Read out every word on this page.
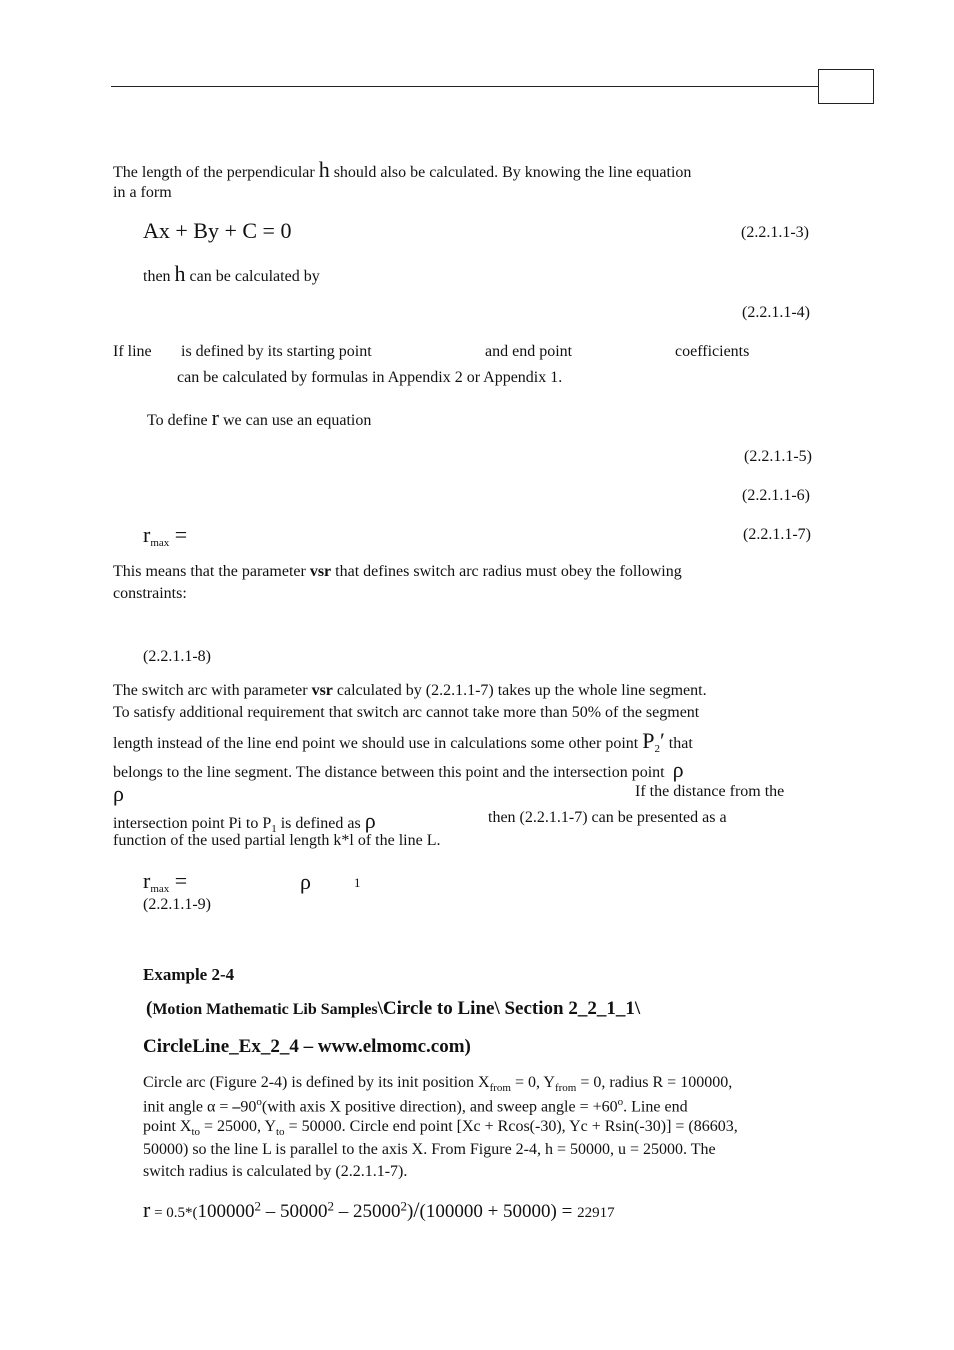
The length of the perpendicular h should also be calculated. By knowing the line equation
in a form
Ax + By + C = 0	(2.2.1.1-3)
then h can be calculated by
(2.2.1.1-4)
If line is defined by its starting point	and end point	coefficients
can be calculated by formulas in Appendix 2 or Appendix 1.
To define r we can use an equation
(2.2.1.1-5)
(2.2.1.1-6)
$r_{max}$ =	(2.2.1.1-7)
This means that the parameter vsr that defines switch arc radius must obey the following
constraints:
(2.2.1.1-8)
The switch arc with parameter vsr calculated by (2.2.1.1-7) takes up the whole line segment.
To satisfy additional requirement that switch arc cannot take more than 50% of the segment
length instead of the line end point we should use in calculations some other point $P_2'$ that
belongs to the line segment. The distance between this point and the intersection point ρ
ρ	If the distance from the
intersection point Pi to $P_1$ is defined as ρ	then (2.2.1.1-7) can be presented as a
function of the used partial length k*l of the line L.
$r_{max}$ =	ρ	1
(2.2.1.1-9)
Example 2-4
(Motion Mathematic Lib Samples\Circle to Line\ Section 2_2_1_1\
CircleLine_Ex_2_4 – www.elmomc.com)
Circle arc (Figure 2-4) is defined by its init position $X_{from} = 0$, $Y_{from} = 0$, radius R = 100000,
init angle $\alpha = -90^o(with$ axis X positive direction), and sweep angle = $+60^o$. Line end
point $X_{to} = 25000$, $Y_{to} = 50000$. Circle end point [Xc + Rcos(-30), Yc + Rsin(-30)] = (86603,
50000) so the line L is parallel to the axis X. From Figure 2-4, h = 50000, u = 25000. The
switch radius is calculated by (2.2.1.1-7).
$r = 0.5*(100000^2 - 50000^2 - 25000^2)/(100000 + 50000) = 22917$
